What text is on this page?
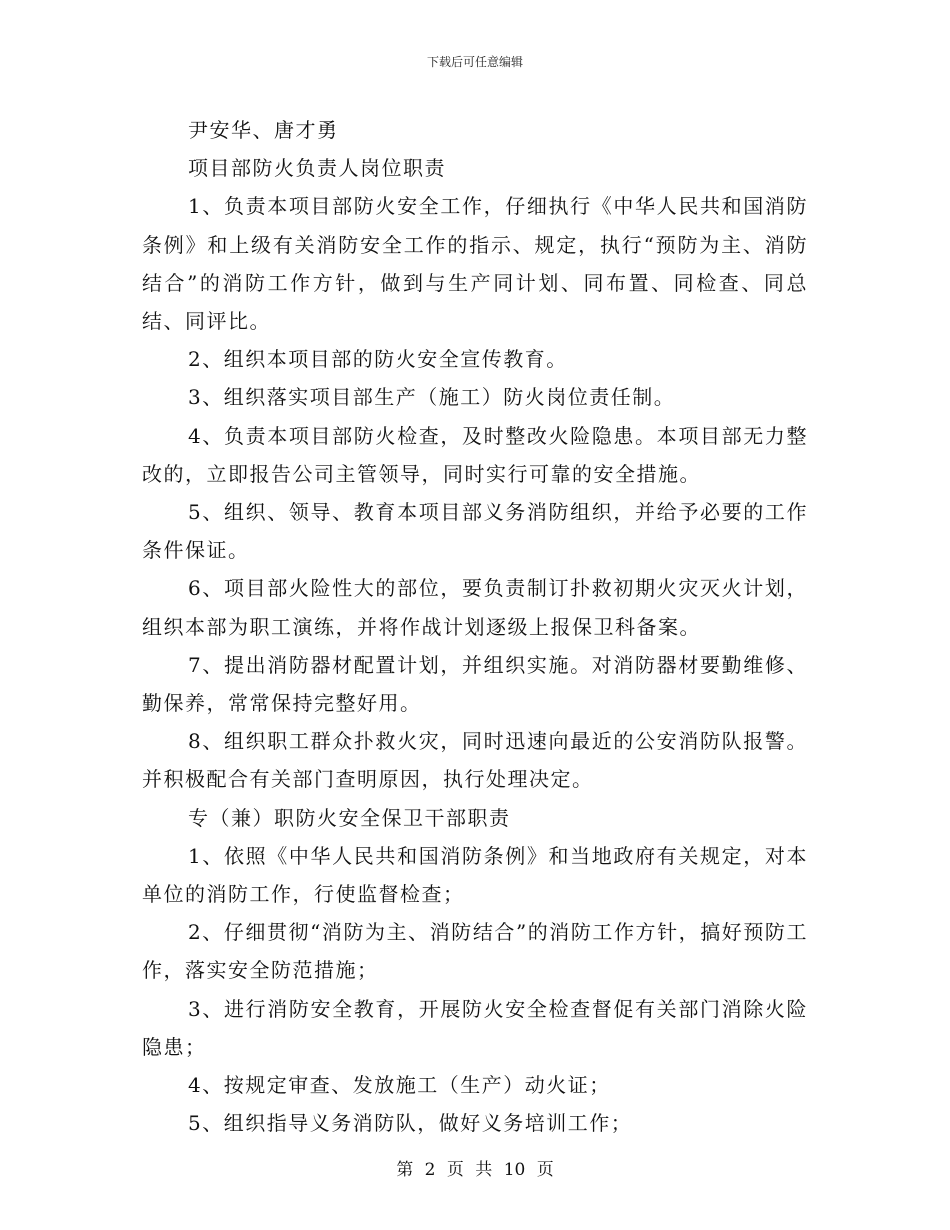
下载后可任意编辑

尹安华、唐才勇

项目部防火负责人岗位职责

1、负责本项目部防火安全工作，仔细执行《中华人民共和国消防条例》和上级有关消防安全工作的指示、规定，执行“预防为主、消防结合”的消防工作方针，做到与生产同计划、同布置、同检查、同总结、同评比。

2、组织本项目部的防火安全宣传教育。

3、组织落实项目部生产（施工）防火岗位责任制。

4、负责本项目部防火检查，及时整改火险隐患。本项目部无力整改的，立即报告公司主管领导，同时实行可靠的安全措施。

5、组织、领导、教育本项目部义务消防组织，并给予必要的工作条件保证。

6、项目部火险性大的部位，要负责制订扑救初期火灾灭火计划，组织本部为职工演练，并将作战计划逐级上报保卫科备案。

7、提出消防器材配置计划，并组织实施。对消防器材要勤维修、勤保养，常常保持完整好用。

8、组织职工群众扑救火灾，同时迅速向最近的公安消防队报警。并积极配合有关部门查明原因，执行处理决定。

专（兼）职防火安全保卫干部职责

1、依照《中华人民共和国消防条例》和当地政府有关规定，对本单位的消防工作，行使监督检查；

2、仔细贯彻“消防为主、消防结合”的消防工作方针，搞好预防工作，落实安全防范措施；

3、进行消防安全教育，开展防火安全检查督促有关部门消除火险隐患；

4、按规定审查、发放施工（生产）动火证；

5、组织指导义务消防队，做好义务培训工作；

第 2 页 共 10 页
